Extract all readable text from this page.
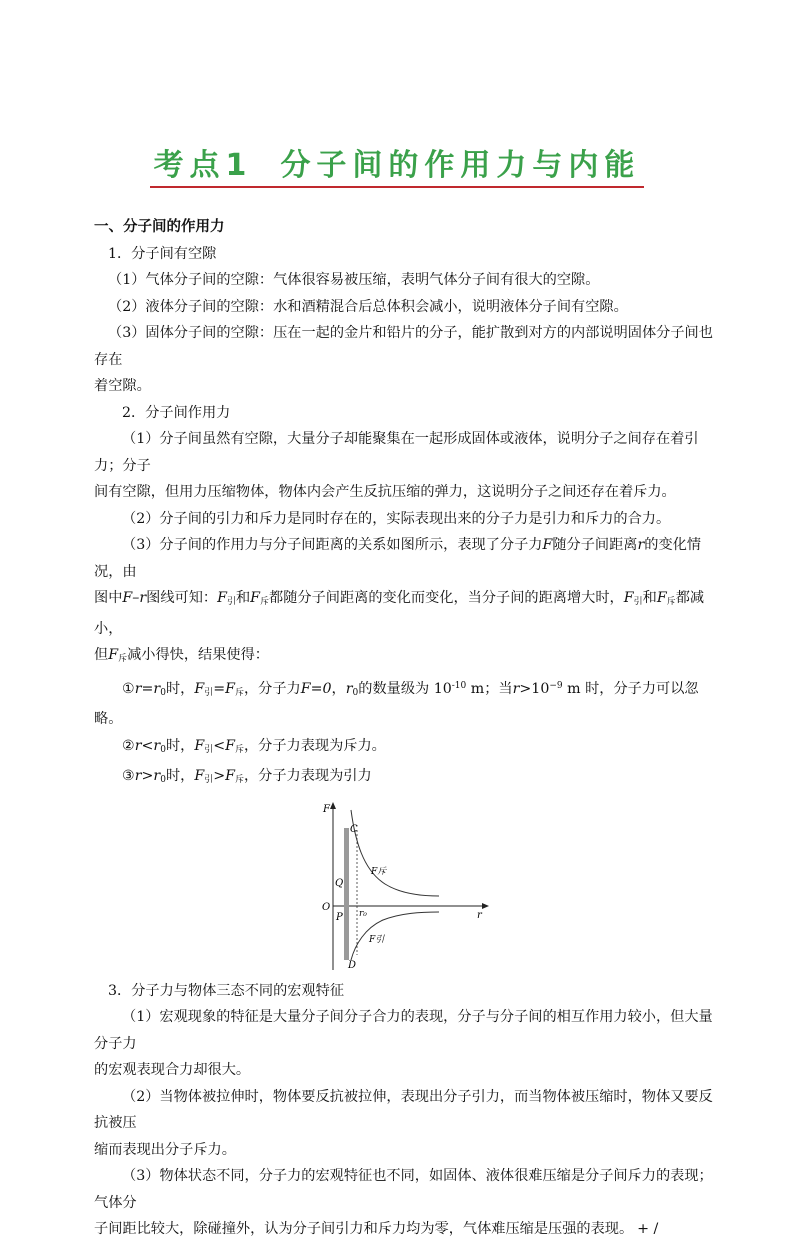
考点1 分子间的作用力与内能

一、分子间的作用力

1．分子间有空隙

（1）气体分子间的空隙：气体很容易被压缩，表明气体分子间有很大的空隙。

（2）液体分子间的空隙：水和酒精混合后总体积会减小，说明液体分子间有空隙。

（3）固体分子间的空隙：压在一起的金片和铅片的分子，能扩散到对方的内部说明固体分子间也存在

着空隙。

2．分子间作用力

（1）分子间虽然有空隙，大量分子却能聚集在一起形成固体或液体，说明分子之间存在着引力；分子

间有空隙，但用力压缩物体，物体内会产生反抗压缩的弹力，这说明分子之间还存在着斥力。

（2）分子间的引力和斥力是同时存在的，实际表现出来的分子力是引力和斥力的合力。

（3）分子间的作用力与分子间距离的关系如图所示，表现了分子力F随分子间距离r的变化情况，由

图中F–r图线可知：$F_引$和$F_斥$都随分子间距离的变化而变化，当分子间的距离增大时，$F_引$和$F_斥$都减小，

但$F_斥$减小得快，结果使得：

$①r=r_0$时，$F_引=F_斥$，分子力F=0，$r_0$的数量级为 $10^{-10}$ m；当$r>10^{-9}$ m 时，分子力可以忽略。

$②r<r_0$时，$F_引<F_斥$，分子力表现为斥力。

$③r>r_0$时，$F_引>F_斥$，分子力表现为引力

F
C
Q
O
P r₀	r
D
F斥
F引

3．分子力与物体三态不同的宏观特征

（1）宏观现象的特征是大量分子间分子合力的表现，分子与分子间的相互作用力较小，但大量分子力

的宏观表现合力却很大。

（2）当物体被拉伸时，物体要反抗被拉伸，表现出分子引力，而当物体被压缩时，物体又要反抗被压

缩而表现出分子斥力。

（3）物体状态不同，分子力的宏观特征也不同，如固体、液体很难压缩是分子间斥力的表现；气体分

子间距比较大，除碰撞外，认为分子间引力和斥力均为零，气体难压缩是压强的表现。 + /
